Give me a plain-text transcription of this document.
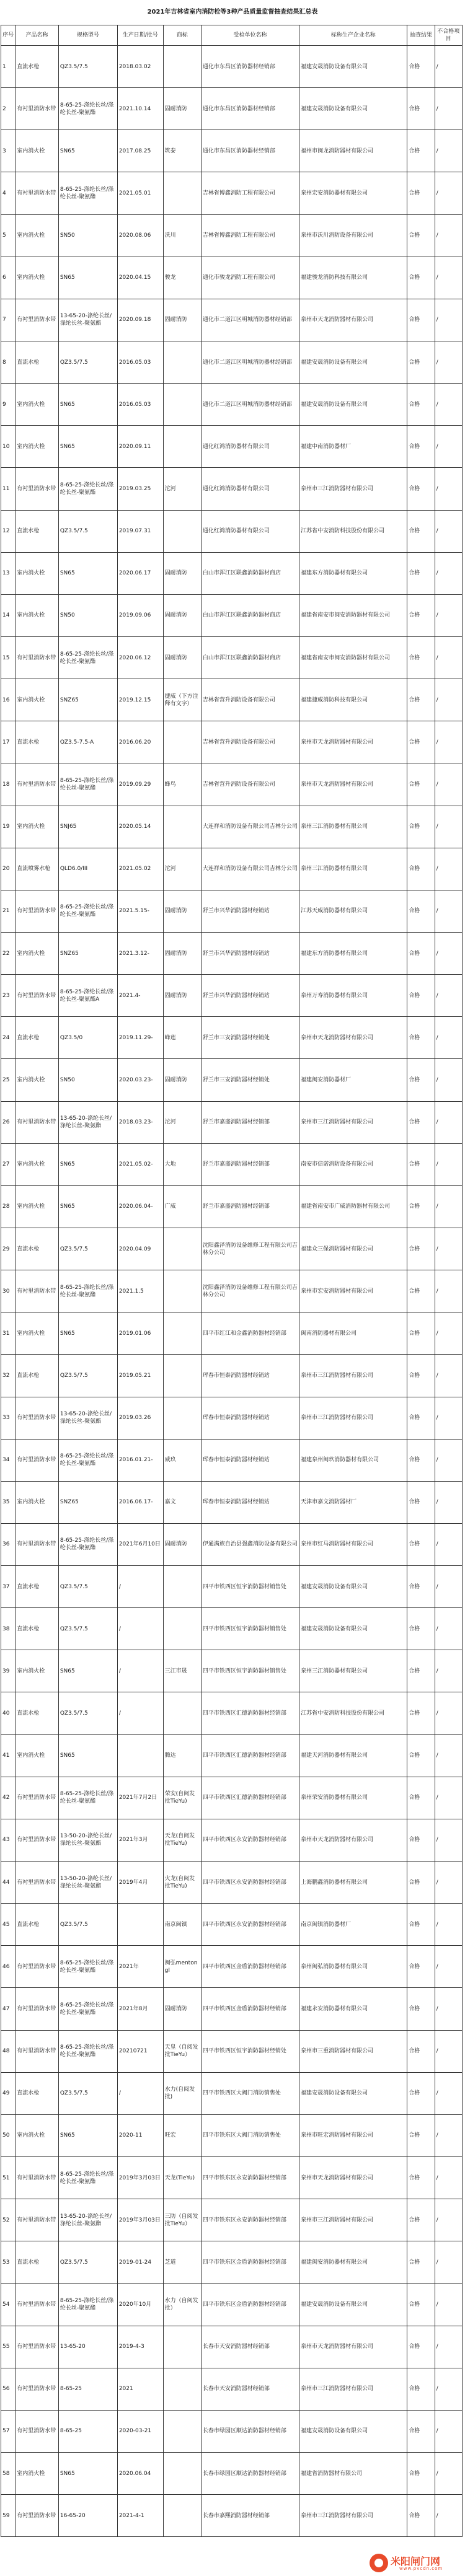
2021年吉林省室内消防栓等3种产品质量监督抽查结果汇总表
序号	产品名称	规格型号	生产日期/批号	商标	受检单位名称	标称生产企业名称	抽查结果	不合格项目
1	直流水枪	QZ3.5/7.5	2018.03.02		通化市东昌区消防器材经销部	福建安晟消防设备有限公司	合格	/
2	有衬里消防水带	8-65-25-涤纶长丝/涤纶长丝-聚氨酯	2021.10.14	固耐消防	通化市东昌区消防器材经销部	福建安晟消防设备有限公司	合格	/
3	室内消火栓	SN65	2017.08.25	筑泰	通化市东昌区消防器材经销部	福州市闽龙消防器材有限公司	合格	/
4	有衬里消防水带	8-65-25-涤纶长丝/涤纶长丝-聚氨酯	2021.05.01		吉林省博鑫消防工程有限公司	泉州宏安消防器材有限公司	合格	/
5	室内消火栓	SN50	2020.08.06	沃川	吉林省博鑫消防工程有限公司	泉州市沃川消防设备有限公司	合格	/
6	室内消火栓	SN65	2020.04.15	骏龙	通化市骏龙消防工程有限公司	福建骏龙消防科技有限公司	合格	/
7	有衬里消防水带	13-65-20-涤纶长丝/涤纶长丝-聚氨酯	2020.09.18	固耐消防	通化市二道江区明城消防器材经销部	泉州市天龙消防器材有限公司	合格	/
8	直流水枪	QZ3.5/7.5	2016.05.03		通化市二道江区明城消防器材经销部	福建安晟消防设备有限公司	合格	/
9	室内消火栓	SN65	2016.05.03		通化市二道江区明城消防器材经销部	福建安晟消防设备有限公司	合格	/
10	室内消火栓	SN65	2020.09.11		通化红鸿消防器材有限公司	福建中南消防器材厂	合格	/
11	有衬里消防水带	8-65-25-涤纶长丝/涤纶长丝-聚氨酯	2019.03.25	沱河	通化红鸿消防器材有限公司	泉州市三江消防器材有限公司	合格	/
12	直流水枪	QZ3.5/7.5	2019.07.31		通化红鸿消防器材有限公司	江苏省中安消防科技股份有限公司	合格	/
13	室内消火栓	SN65	2020.06.17	固耐消防	白山市浑江区联鑫消防器材商店	福建东方消防器材有限公司	合格	/
14	室内消火栓	SN50	2019.09.06	固耐消防	白山市浑江区联鑫消防器材商店	福建省南安市闽安消防器材有限公司	合格	/
15	有衬里消防水带	8-65-25-涤纶长丝/涤纶长丝-聚氨酯	2020.06.12	固耐消防	白山市浑江区联鑫消防器材商店	福建省南安市闽安消防器材有限公司	合格	/
16	室内消火栓	SNZ65	2019.12.15	捷威（下方注释有文字）	吉林省营升消防设备有限公司	福建捷威消防科技有限公司	合格	/
17	直流水枪	QZ3.5-7.5-A	2016.06.20		吉林省营升消防设备有限公司	泉州市天龙消防器材有限公司	合格	/
18	有衬里消防水带	8-65-25-涤纶长丝/涤纶长丝-聚氨酯	2019.09.29	蜂鸟	吉林省营升消防设备有限公司	泉州市天龙消防器材有限公司	合格	/
19	室内消火栓	SNJ65	2020.05.14		大连祥和消防设备有限公司吉林分公司	泉州三江消防器材有限公司	合格	/
20	直流喷雾水枪	QLD6.0/III	2021.05.02	沱河	大连祥和消防设备有限公司吉林分公司	泉州三江消防器材有限公司	合格	/
21	有衬里消防水带	8-65-25-涤纶长丝/涤纶长丝-聚氨酯	2021.5.15-	固耐消防	舒兰市兴华消防器材经销站	江苏天威消防器材有限公司	合格	/
22	室内消火栓	SNZ65	2021.3.12-	固耐消防	舒兰市兴华消防器材经销站	福建东方消防器材有限公司	合格	/
23	有衬里消防水带	8-65-25-涤纶长丝/涤纶长丝-聚氨酯A	2021.4-	固耐消防	舒兰市兴华消防器材经销站	泉州万寿消防器材有限公司	合格	/
24	直流水枪	QZ3.5/0	2019.11.29-	峰莲	舒兰市三安消防器材经销处	泉州市天龙消防器材有限公司	合格	/
25	室内消火栓	SN50	2020.03.23-	固耐消防	舒兰市三安消防器材经销处	福建闽安消防器材厂	合格	/
26	有衬里消防水带	13-65-20-涤纶长丝/涤纶长丝-聚氨酯	2018.03.23-	沱河	舒兰市嘉盛消防器材经销部	泉州市三江消防器材有限公司	合格	/
27	室内消火栓	SN65	2021.05.02-	大地	舒兰市嘉盛消防器材经销部	南安市信诺消防设备有限公司	合格	/
28	室内消火栓	SN65	2020.06.04-	广威	舒兰市嘉盛消防器材经销部	福建省南安市广威消防器材有限公司	合格	/
29	直流水枪	QZ3.5/7.5	2020.04.09		沈阳鑫泽消防设备维修工程有限公司吉林分公司	福建众三保消防器材有限公司	合格	/
30	有衬里消防水带	8-65-25-涤纶长丝/涤纶长丝-聚氨酯	2021.1.5		沈阳鑫泽消防设备维修工程有限公司吉林分公司	泉州市宏安消防器材有限公司	合格	/
31	室内消火栓	SN65	2019.01.06		四平市红江和金鑫消防器材经销部	闽南消防器材有限公司	合格	/
32	直流水枪	QZ3.5/7.5	2019.05.21		珲春市恒泰消防器材经销站	泉州市三江消防器材有限公司	合格	/
33	有衬里消防水带	13-65-20-涤纶长丝/涤纶长丝-聚氨酯	2019.03.26		珲春市恒泰消防器材经销站	泉州市三江消防器材有限公司	合格	/
34	有衬里消防水带	8-65-25-涤纶长丝/涤纶长丝-聚氨酯	2016.01.21-	威玖	珲春市恒泰消防器材经销站	福建泉州闽玖消防器材有限公司	合格	/
35	室内消火栓	SNZ65	2016.06.17-	嘉文	珲春市恒泰消防器材经销站	天津市嘉文消防器材厂	合格	/
36	有衬里消防水带	8-65-25-涤纶长丝/涤纶长丝-聚氨酯	2021年6月10日	固耐消防	伊通满族自治县强鑫消防设备有限公司	泉州市红马消防器材有限公司	合格	/
37	直流水枪	QZ3.5/7.5	/		四平市铁西区恒宇消防器材销售处	福建安晟消防设备有限公司	合格	/
38	直流水枪	QZ3.5/7.5	/		四平市铁西区恒宇消防器材销售处	福建安晟消防设备有限公司	合格	/
39	室内消火栓	SN65	/	三江市晟	四平市铁西区恒宇消防器材销售处	泉州三江消防器材有限公司	合格	/
40	直流水枪	QZ3.5/7.5	/		四平市铁西区汇德消防器材经销部	江苏省中安消防科技股份有限公司	合格	/
41	室内消火栓	SN65		腾达	四平市铁西区汇德消防器材经销部	福建天河消防器材有限公司	合格	/
42	有衬里消防水带	8-65-25-涤纶长丝/涤纶长丝-聚氨酯	2021年7月2日	荣安(自阅发批TieYu)	四平市铁西区汇德消防器材经销部	泉州荣安消防器材有限公司	合格	/
43	有衬里消防水带	13-50-20-涤纶长丝/涤纶长丝-聚氨酯	2021年3月	天龙(自阅发批TieYu)	四平市铁西区永安消防器材经销部	泉州市天龙消防器材有限公司	合格	/
44	有衬里消防水带	13-50-20-涤纶长丝/涤纶长丝-聚氨酯	2019年4月	火龙(自阅发批TieYu)	四平市铁西区永安消防器材经销部	上海鹏鑫消防器材有限公司	合格	/
45	直流水枪	QZ3.5/7.5		南京闽镇	四平市铁西区永安消防器材经销部	南京闽镇消防器材厂	合格	/
46	有衬里消防水带	8-65-25-涤纶长丝/涤纶长丝-聚氨酯	2021年	闽弘mentongI	四平市铁西区金盾消防器材经销部	泉州闽弘消防器材有限公司	合格	/
47	有衬里消防水带	8-65-25-涤纶长丝/涤纶长丝-聚氨酯	2021年8月	固耐消防	四平市铁西区金盾消防器材经销部	福建永安消防器材有限公司	合格	/
48	有衬里消防水带	8-65-25-涤纶长丝/涤纶长丝-聚氨酯	20210721	天皇（自阅发批TieYu）	四平市铁西区恒宇消防器材经销处	泉州市三重消防器材有限公司	合格	/
49	直流水枪	QZ3.5/7.5	/	水力(自阅发批)	四平市铁西区大阀门消防销售处	福建安晟消防设备有限公司	合格	/
50	室内消火栓	SN65	2020-11	旺宏	四平市铁东区大阀门消防销售处	泉州市旺宏消防器材有限公司	合格	/
51	有衬里消防水带	8-65-25-涤纶长丝/涤纶长丝-聚氨酯	2019年3月03日	天龙(TieYu)	四平市铁东区永安消防器材经销部	泉州市天龙消防器材有限公司	合格	/
52	有衬里消防水带	13-65-20-涤纶长丝/涤纶长丝-聚氨酯	2019年3月03日	三防（自阅发批TieYu）	四平市铁东区永安消防器材经销部	泉州市三江消防器材有限公司	合格	/
53	直流水枪	QZ3.5/7.5	2019-01-24	芝道	四平市铁东区金盾消防器材经销部	福建闽安消防器材有限公司	合格	/
54	有衬里消防水带	8-65-25-涤纶长丝/涤纶长丝-聚氨酯	2020年10月	水力（自阅发批）	四平市铁东区金盾消防器材经销部	福建安晟消防设备有限公司	合格	/
55	有衬里消防水带	13-65-20	2019-4-3		长春市天安消防器材经销部	泉州市天龙消防器材有限公司	合格	/
56	有衬里消防水带	8-65-25	2021		长春市天安消防器材经销部	泉州市三江消防器材有限公司	合格	/
57	有衬里消防水带	8-65-25	2020-03-21		长春市绿园区顺达消防器材经销部	福建安晟消防设备有限公司	合格	/
58	室内消火栓	SN65	2020.06.04		长春市绿园区顺达消防器材经销部	福建省消防器材有限公司	合格	/
59	有衬里消防水带	16-65-20	2021-4-1		长春市嘉熙消防器材经销部	泉州市三江消防器材有限公司	合格	/
米阳闸门网
www.pvcdn.com
